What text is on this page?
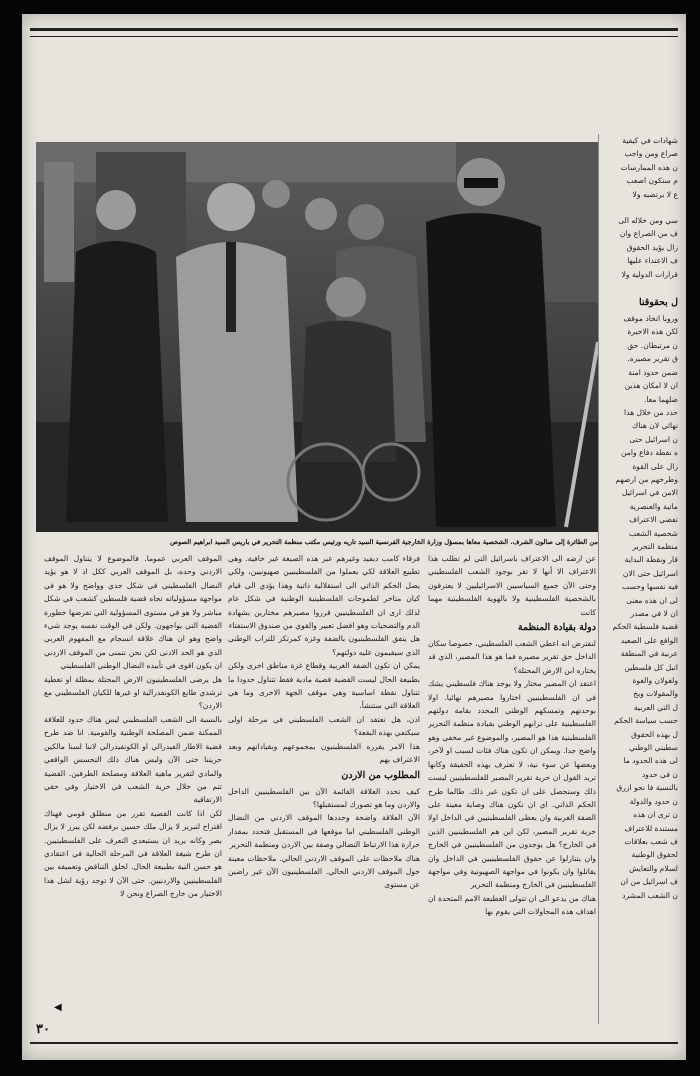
شهادات في كيفية

صراع ومن واجب

ن هذه الممارسات

م ستكون اصعب

ع لا يرتضيه ولا

سي ومن خلاله الى

ف من الصراع وان

زال يؤيد الحقوق

ف الاعتداء عليها

قرارات الدولية ولا

ل بحقوقنا

وروبا اتخاذ موقف

لكن هذه الاخيرة

ن مرتبطان. حق

ق تقرير مصيره.

ضمن حدود امنة

ان لا امكان هذين

ضلهما معا.

حدد من خلال هذا

نهائي لان هناك

ن اسرائيل حتى

ه نقطة دفاع وامن

زال على القوة

وطرحهم من ارضهم

الامن في اسرائيل

ماتية والعنصرية

تفضي الاعتراف

شخصية الشعب

منظمة التحرير

قار ونقطة البداية

اسرائيل حتى الان

فيه نفسها وحسب

لى ان هذه معنى

ان لا في مصدر

قضية فلسطية الحكم

الواقع على الصعيد

عربية في المنطقة

اتبل كل فلسطين

ولغولان والغوة

والمقولات ويخ

ل التي العربية

حسب سياسة الحكم

ل بهذه الحقوق

سطيني الوطني

لى هذه الحدود ما

ن في حدود

بالنسبة فا نحو ازرق

ن حدود والدولة

ن ترى ان هذه

مستندة للاعتراف

ف شعب بعلاقات

لحقوق الوطنية

لسلام والتعايش

ف اسرائيل من ان

ن الشعب المشرد

من الطائرة إلى صالون الشرف. الشخصية معاها بمسؤل وزارة الخارجية الفرنسية السيد تاريه ورئيس مكتب منظمة التحرير في باريس السيد ابراهيم الصوص

عن ارضه الى الاعتراف باسرائيل التي لم تطلب هذا الاعتراف الا أنها لا تقر بوجود الشعب الفلسطيني وحتى الآن جميع السياسيين الاسرائيليين لا يعترفون بالشخصية الفلسطينية ولا بالهوية الفلسطينية مهما كانت

دولة بقيادة المنظمة

لنفترض انه اعطي الشعب الفلسطيني، خصوصا سكان الداخل حق تقرير مصيره فما هو هذا المصير، الذي قد يختاره ابن الارض المحتلة؟

اعتقد ان المصير مختار ولا يوجد هناك فلسطيني يشك في ان الفلسطينيين اختاروا مصيرهم نهائيا. اولا بوحدتهم وتمسكهم الوطني المحدد بقامة دولتهم الفلسطينية على ترابهم الوطني بقيادة منظمة التحرير الفلسطينية هذا هو المصير، والموضوع غير مخفي وهو واضح جدا. ويمكن ان تكون هناك فئات لسبب او لآخر، وبعضها عن سوء نية، لا تعترف بهذه الحقيقة وكانها تريد القول ان حرية تقرير المصير للفلسطينيين ليست ذلك وستحصل على ان تكون غير ذلك. طالما طرح الحكم الذاتي. اي ان تكون هناك وصاية معينة على الضفة الغربية وان يعطى الفلسطينيين في الداخل اولا حرية تقرير المصير، لكن اين هم الفلسطينيين الذين في الخارج؟ هل يوجدون من الفلسطينيين في الخارج وان يتنازلوا عن حقوق الفلسطينيين في الداخل وان يقاتلوا وان يكونوا في مواجهة الصهيونية وفي مواجهة الفلسطينيين في الخارج ومنظمة التحرير

هناك من يدعو الى ان تتولى الغطيعة الامم المتحدة ان اهداف هذه المحاولات التي يقوم بها

فرقاء كامب ديفيد وغيرهم عبر هذه الصيغة غير خافية. وهي تطبيع العلاقة لكي يعملوا من الفلسطينيين صهيونيين، ولكي يصل الحكم الذاتي الى استقلالية ذاتية وهذا يؤدي الى قيام كيان متاخر لطموحات الفلسطينية الوطنية في شكل عام لذلك ارى ان الفلسطينيين قرروا مصيرهم مختارين بشهادة الدم والتضحيات وهو افضل تعبير والقوي من صندوق الاستفتاء

هل يتفق الفلسطينيون بالضفة وغزة كمرتكز للتراب الوطني الذي سيقيمون عليه دولتهم؟

يمكن ان تكون الضفة الغربية وقطاع غزة مناطق اخرى ولكن بطبيعة الحال ليست القضية قضية مادية فقط تتناول حدودا ما تتناول نقطة اساسية وهي موقف الجهة الاخرى وما هي العلاقة التي ستنشأ.

اذن، هل تعتقد ان الشعب الفلسطيني في مرحلة اولى سيكتفي بهذه البقعة؟

هذا الامر يقرره الفلسطينيون بمجموعهم وبقياداتهم وبعد الاعتراف بهم

المطلوب من الاردن

كيف تحدد العلاقة القائمة الآن بين الفلسطينيين الداخل والاردن وما هو تصورك لمستقبلها؟

الآن العلاقة واضحة وحددها الموقف الاردني من النضال الوطني الفلسطيني اما موقعها في المستقبل فتحدد بمقدار حرارة هذا الارتباط النضالي وصفة بين الاردن ومنظمة التحرير

هناك ملاحظات على الموقف الاردني الحالي. ملاحظات معينة حول الموقف الاردني الحالي. الفلسطينيون الآن غير راضين عن مستوى

الموقف العربي عموما. فالموضوع لا يتناول الموقف الاردني وحده، بل الموقف العربي ككل اذ لا هو يؤيد النضال الفلسطيني في شكل جدي وواضح ولا هو في مواجهة مسؤولياته تجاه قضية فلسطين كشعب في شكل مباشر ولا هو في مستوى المسؤولية التي تفرضها خطورة القضية التي يواجهون. ولكن في الوقت نفسه يوجد شيء واضح وهو ان هناك علاقة انسجام مع المفهوم العربي الذي هو الحد الادنى لكن نحن نتمنى من الموقف الاردني ان يكون اقوى في تأييده النضال الوطني الفلسطيني

هل يرضى الفلسطينيون الارض المحتلة بمظلة او تغطية ترشدي طابع الكونفدرالية او غيرها للكيان الفلسطيني مع الاردن؟

بالنسبة الى الشعب الفلسطيني ليس هناك حدود للعلاقة الممكنة ضمن المصلحة الوطنية والقومية. انا ضد طرح قضية الاطار الفيدرالي او الكونفيدرالي لاننا لسنا مالكين حريتنا حتى الآن وليس هناك ذلك التحسس الواقعي والمادي لتقرير ماهية العلاقة ومصلحة الطرفين. القضية تتم من خلال حرية الشعب في الاختيار وفي حقي الارتفاقية

لكن اذا كانت القضية تقرر من منطلق قومي فهناك اقتراح لتبرير لا يزال ملك حسين برفضه لكن يبرز لا يزال بصر وكانه يريد ان يستبعدي التعرف على الفلسطينيين. ان طرح شيغة العلاقة في المرحلة الحالية في اعتقادي هو حسن النية بطبيعة الحال. لخلق التناقض وتعميقه بين الفلسطينيين والاردنيين. حتى الآن لا توجد رؤية لشل هذا الاختيار من خارج الصراع ونحن لا

◀
٣٠
